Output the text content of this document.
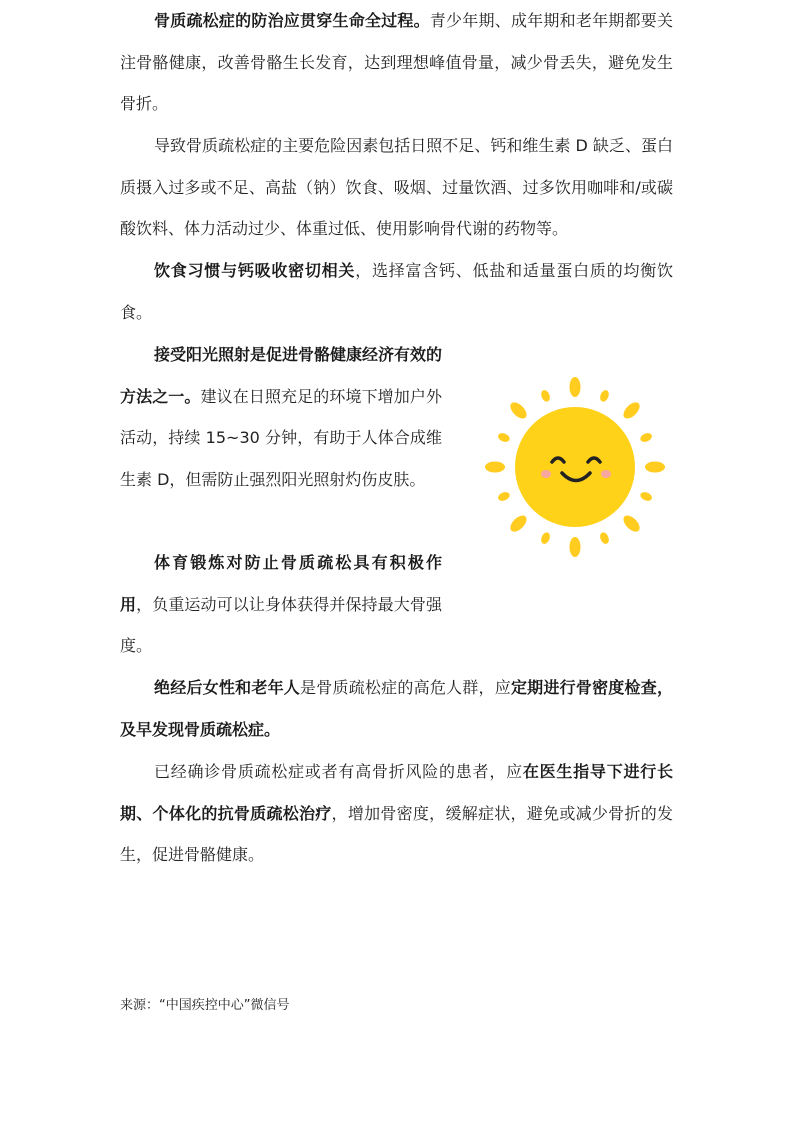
骨质疏松症的防治应贯穿生命全过程。青少年期、成年期和老年期都要关注骨骼健康，改善骨骼生长发育，达到理想峰值骨量，减少骨丢失，避免发生骨折。

导致骨质疏松症的主要危险因素包括日照不足、钙和维生素 D 缺乏、蛋白质摄入过多或不足、高盐（钠）饮食、吸烟、过量饮酒、过多饮用咖啡和/或碳酸饮料、体力活动过少、体重过低、使用影响骨代谢的药物等。

饮食习惯与钙吸收密切相关，选择富含钙、低盐和适量蛋白质的均衡饮食。

接受阳光照射是促进骨骼健康经济有效的方法之一。建议在日照充足的环境下增加户外活动，持续 15~30 分钟，有助于人体合成维生素 D，但需防止强烈阳光照射灼伤皮肤。

体育锻炼对防止骨质疏松具有积极作用，负重运动可以让身体获得并保持最大骨强度。

绝经后女性和老年人是骨质疏松症的高危人群，应定期进行骨密度检查，及早发现骨质疏松症。

已经确诊骨质疏松症或者有高骨折风险的患者，应在医生指导下进行长期、个体化的抗骨质疏松治疗，增加骨密度，缓解症状，避免或减少骨折的发生，促进骨骼健康。

来源：“中国疾控中心”微信号
